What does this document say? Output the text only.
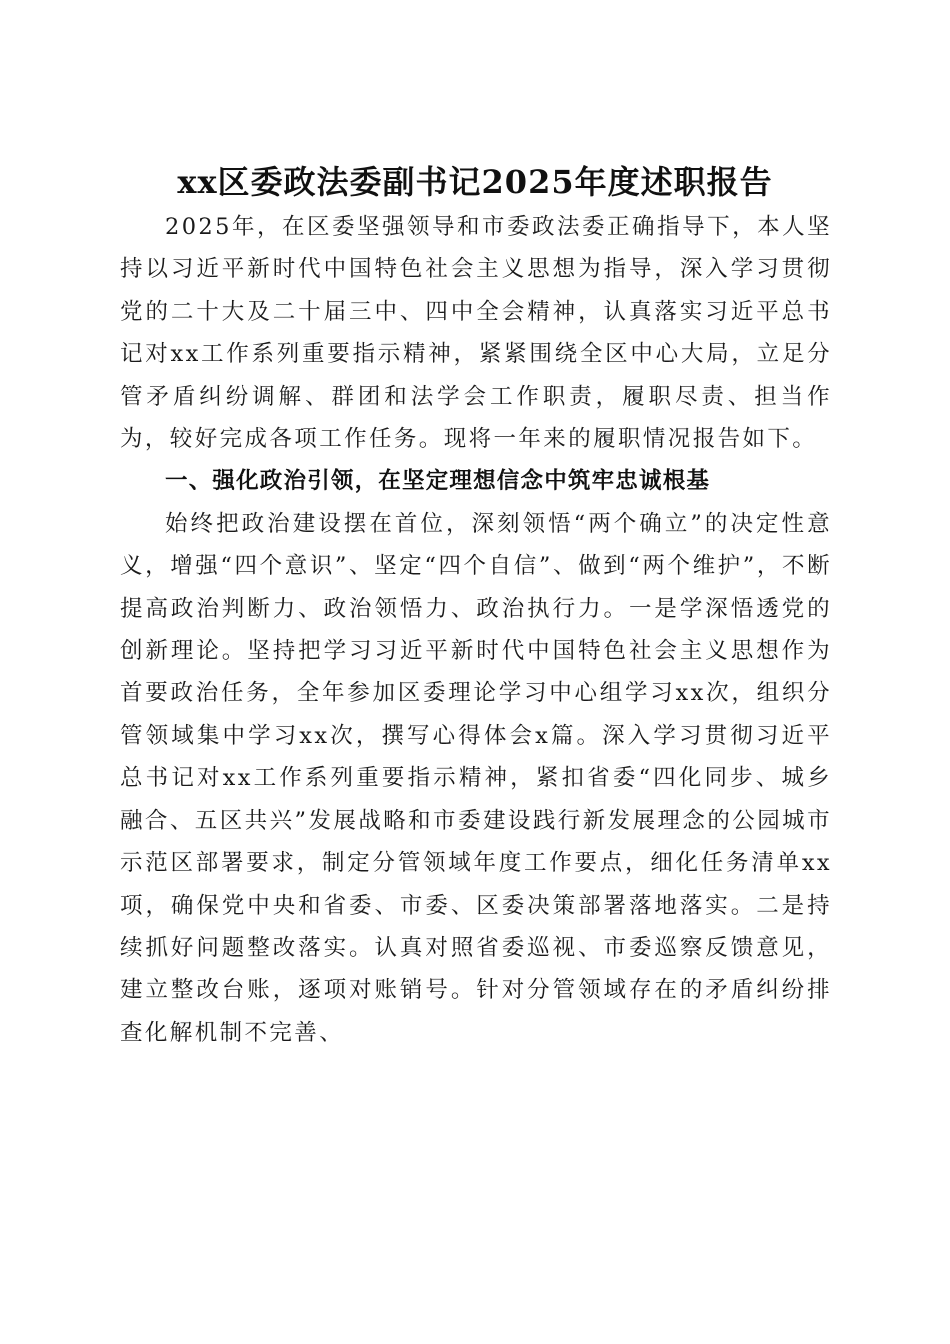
xx区委政法委副书记2025年度述职报告

2025年，在区委坚强领导和市委政法委正确指导下，本人坚持以习近平新时代中国特色社会主义思想为指导，深入学习贯彻党的二十大及二十届三中、四中全会精神，认真落实习近平总书记对xx工作系列重要指示精神，紧紧围绕全区中心大局，立足分管矛盾纠纷调解、群团和法学会工作职责，履职尽责、担当作为，较好完成各项工作任务。现将一年来的履职情况报告如下。

一、强化政治引领，在坚定理想信念中筑牢忠诚根基

始终把政治建设摆在首位，深刻领悟“两个确立”的决定性意义，增强“四个意识”、坚定“四个自信”、做到“两个维护”，不断提高政治判断力、政治领悟力、政治执行力。一是学深悟透党的创新理论。坚持把学习习近平新时代中国特色社会主义思想作为首要政治任务，全年参加区委理论学习中心组学习xx次，组织分管领域集中学习xx次，撰写心得体会x篇。深入学习贯彻习近平总书记对xx工作系列重要指示精神，紧扣省委“四化同步、城乡融合、五区共兴”发展战略和市委建设践行新发展理念的公园城市示范区部署要求，制定分管领域年度工作要点，细化任务清单xx项，确保党中央和省委、市委、区委决策部署落地落实。二是持续抓好问题整改落实。认真对照省委巡视、市委巡察反馈意见，建立整改台账，逐项对账销号。针对分管领域存在的矛盾纠纷排查化解机制不完善、
